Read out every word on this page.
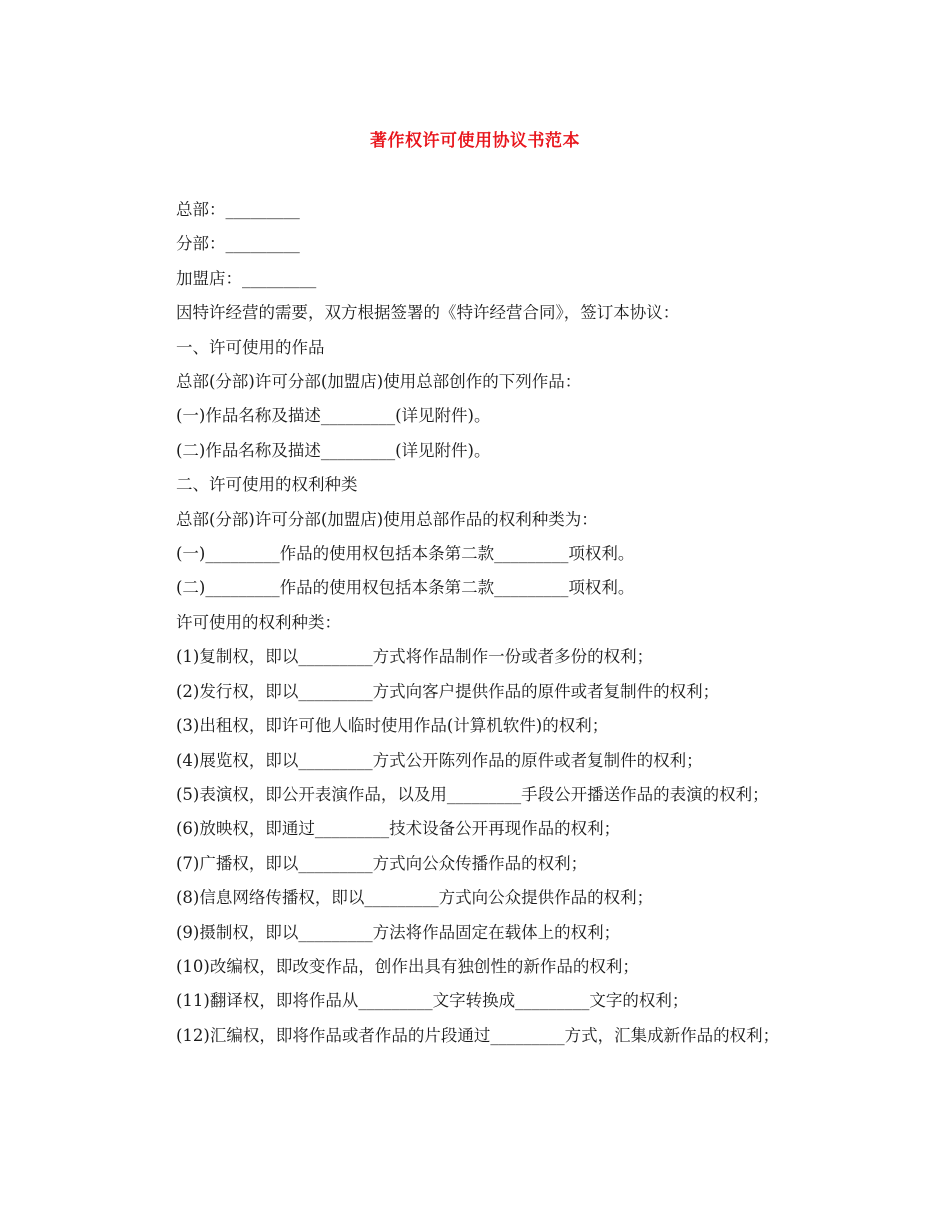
著作权许可使用协议书范本

总部：_________

分部：_________

加盟店：_________

因特许经营的需要，双方根据签署的《特许经营合同》，签订本协议：

一、许可使用的作品

总部(分部)许可分部(加盟店)使用总部创作的下列作品：

(一)作品名称及描述_________(详见附件)。

(二)作品名称及描述_________(详见附件)。

二、许可使用的权利种类

总部(分部)许可分部(加盟店)使用总部作品的权利种类为：

(一)_________作品的使用权包括本条第二款_________项权利。

(二)_________作品的使用权包括本条第二款_________项权利。

许可使用的权利种类：

(1)复制权，即以_________方式将作品制作一份或者多份的权利；

(2)发行权，即以_________方式向客户提供作品的原件或者复制件的权利；

(3)出租权，即许可他人临时使用作品(计算机软件)的权利；

(4)展览权，即以_________方式公开陈列作品的原件或者复制件的权利；

(5)表演权，即公开表演作品，以及用_________手段公开播送作品的表演的权利；

(6)放映权，即通过_________技术设备公开再现作品的权利；

(7)广播权，即以_________方式向公众传播作品的权利；

(8)信息网络传播权，即以_________方式向公众提供作品的权利；

(9)摄制权，即以_________方法将作品固定在载体上的权利；

(10)改编权，即改变作品，创作出具有独创性的新作品的权利；

(11)翻译权，即将作品从_________文字转换成_________文字的权利；

(12)汇编权，即将作品或者作品的片段通过_________方式，汇集成新作品的权利；
